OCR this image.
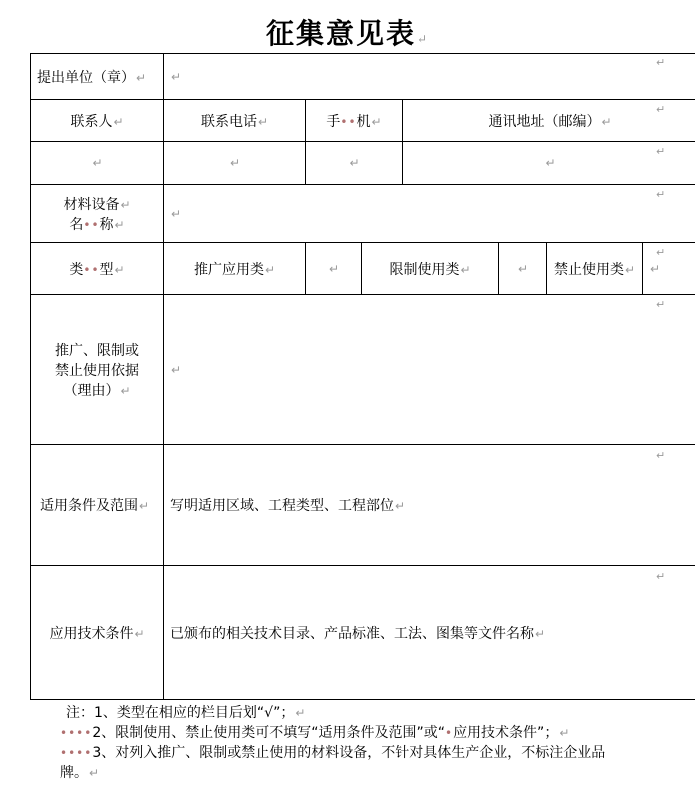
征集意见表↵
提出单位（章）↵	↵						
联系人↵	联系电话↵	手••机↵		通讯地址（邮编）↵			
↵	↵	↵		↵			

材料设备↵
名••称↵	↵						
类••型↵	推广应用类↵	↵	限制使用类↵		↵	禁止使用类↵	↵

推广、限制或
禁止使用依据
（理由）↵	↵						
适用条件及范围↵	写明适用区域、工程类型、工程部位↵						
应用技术条件↵	已颁布的相关技术目录、产品标准、工法、图集等文件名称↵						
↵
↵
↵
↵
↵
↵
↵
↵
注：1、类型在相应的栏目后划“√”；↵
••••2、限制使用、禁止使用类可不填写“适用条件及范围”或“•应用技术条件”；↵
••••3、对列入推广、限制或禁止使用的材料设备，不针对具体生产企业，不标注企业品牌。↵
